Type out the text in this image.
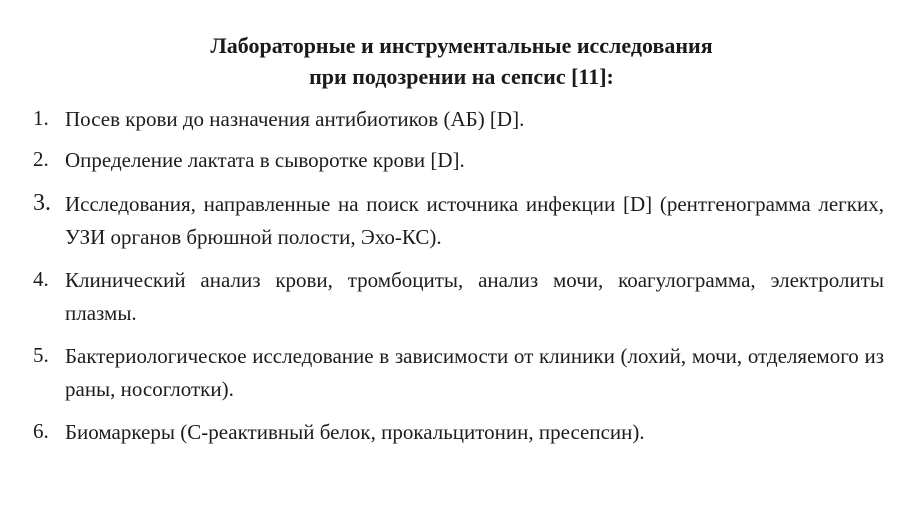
Лабораторные и инструментальные исследования
при подозрении на сепсис [11]:
1. Посев крови до назначения антибиотиков (АБ) [D].
2. Определение лактата в сыворотке крови [D].
3. Исследования, направленные на поиск источника инфекции [D] (рентгенограмма легких, УЗИ органов брюшной полости, Эхо-КС).
4. Клинический анализ крови, тромбоциты, анализ мочи, коагулограмма, электролиты плазмы.
5. Бактериологическое исследование в зависимости от клиники (лохий, мочи, отделяемого из раны, носоглотки).
6. Биомаркеры (С-реактивный белок, прокальцитонин, пресепсин).
